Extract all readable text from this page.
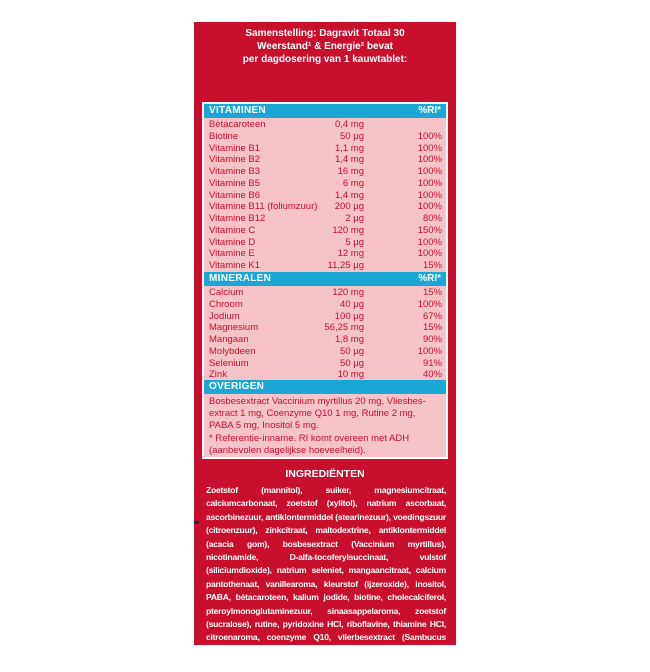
Samenstelling: Dagravit Totaal 30
Weerstand¹ & Energie² bevat
per dagdosering van 1 kauwtablet:
VITAMINEN	%RI*
Bètacaroteen	0,4 mg
Biotine	50 µg	100%
Vitamine B1	1,1 mg	100%
Vitamine B2	1,4 mg	100%
Vitamine B3	16 mg	100%
Vitamine B5	6 mg	100%
Vitamine B6	1,4 mg	100%
Vitamine B11 (foliumzuur) 200 µg	100%
Vitamine B12	2 µg	80%
Vitamine C	120 mg	150%
Vitamine D	5 µg	100%
Vitamine E	12 mg	100%
Vitamine K1	11,25 µg	15%
MINERALEN	%RI*
Calcium	120 mg	15%
Chroom	40 µg	100%
Jodium	100 µg	67%
Magnesium	56,25 mg	15%
Mangaan	1,8 mg	90%
Molybdeen	50 µg	100%
Selenium	50 µg	91%
Zink	10 mg	40%
OVERIGEN
Bosbesextract Vaccinium myrtillus 20 mg, Vliesbes-extract 1 mg, Coenzyme Q10 1 mg, Rutine 2 mg, PABA 5 mg, Inositol 5 mg.
* Referentie-inname. RI komt overeen met ADH (aanbevolen dagelijkse hoeveelheid).
INGREDIËNTEN
Zoetstof (mannitol), suiker, magnesiumcitraat, calciumcarbonaat, zoetstof (xylitol), natrium ascorbaat, ascorbinezuur, antiklontermiddel (stearinezuur), voedingszuur (citroenzuur), zinkcitraat, maltodextrine, antiklontermiddel (acacia gom), bosbesextract (Vaccinium myrtillus), nicotinamide, D-alfa-tocoferylsuccinaat, vulstof (siliciumdioxide), natrium seleniet, mangaancitraat, calcium pantothenaat, vanillearoma, kleurstof (ijzeroxide), inositol, PABA, bètacaroteen, kalium jodide, biotine, cholecalciferol, pteroylmonoglutaminezuur, sinaasappelaroma, zoetstof (sucralose), rutine, pyridoxine HCl, riboflavine, thiamine HCl, citroenaroma, coenzyme Q10, vlierbesextract (Sambucus nigra), chroompicolinaat, phytomenadion, cyanocobalamine, natriummolybdaat.
